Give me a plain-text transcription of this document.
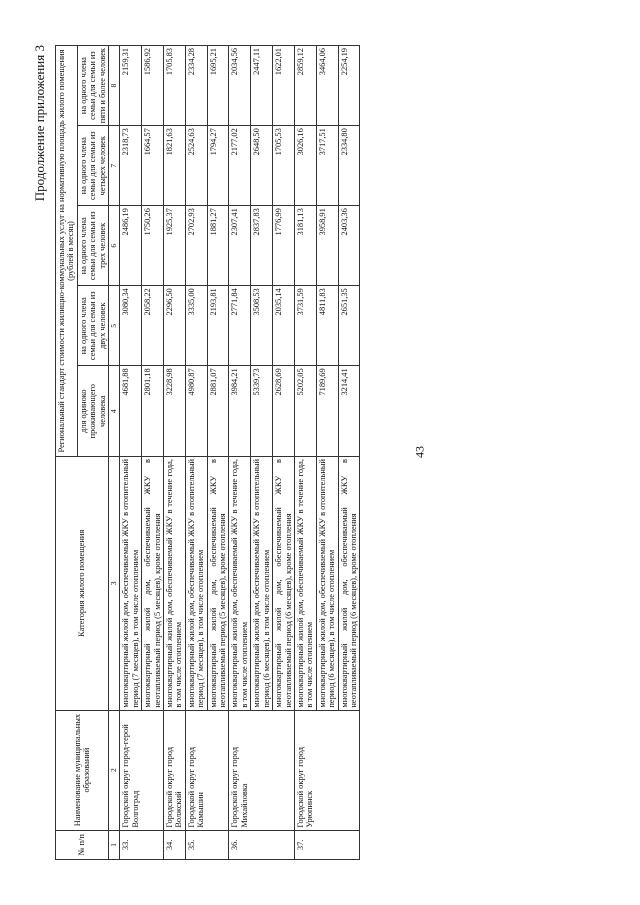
43
Продолжение приложения 3
№ п/п	Наименование муниципальных образований	Категория жилого помещения	Региональный стандарт стоимости жилищно-коммунальных услуг на нормативную площадь жилого помещения (рублей в месяц)				
			для одиноко проживающего человека	на одного члена семьи для семьи из двух человек	на одного члена семьи для семьи из трех человек	на одного члена семьи для семьи из четырех человек	на одного члена семьи для семьи из пяти и более человек
1	2	3	4	5	6	7	8
33.	Городской округ город-герой Волгоград	многоквартирный жилой дом, обеспечиваемый ЖКУ в отопительный период (7 месяцев), в том числе отоплением	4681,88	3080,34	2486,19	2318,73	2159,31
		многоквартирный жилой дом, обеспечиваемый ЖКУ в неотапливаемый период (5 месяцев), кроме отопления	2801,18	2058,22	1750,26	1664,57	1586,92
34.	Городской округ город Волжский	многоквартирный жилой дом, обеспечиваемый ЖКУ в течение года, в том числе отоплением	3228,98	2296,50	1925,37	1821,63	1705,83
35.	Городской округ город Камышин	многоквартирный жилой дом, обеспечиваемый ЖКУ в отопительный период (7 месяцев), в том числе отоплением	4980,87	3335,00	2702,93	2524,63	2334,28
		многоквартирный жилой дом, обеспечиваемый ЖКУ в неотапливаемый период (5 месяцев), кроме отопления	2881,07	2193,81	1881,27	1794,27	1695,21
36.	Городской округ город Михайловка	многоквартирный жилой дом, обеспечиваемый ЖКУ в течение года, в том числе отоплением	3984,21	2771,84	2307,41	2177,02	2034,56
		многоквартирный жилой дом, обеспечиваемый ЖКУ в отопительный период (6 месяцев), в том числе отоплением	5339,73	3508,53	2837,83	2648,50	2447,11
		многоквартирный жилой дом, обеспечиваемый ЖКУ в неотапливаемый период (6 месяцев), кроме отопления	2628,69	2035,14	1776,99	1705,53	1622,01
37.	Городской округ город Урюпинск	многоквартирный жилой дом, обеспечиваемый ЖКУ в течение года, в том числе отоплением	5202,05	3731,59	3181,13	3026,16	2859,12
		многоквартирный жилой дом, обеспечиваемый ЖКУ в отопительный период (6 месяцев), в том числе отоплением	7189,69	4811,83	3958,91	3717,51	3464,06
		многоквартирный жилой дом, обеспечиваемый ЖКУ в неотапливаемый период (6 месяцев), кроме отопления	3214,41	2651,35	2403,36	2334,80	2254,19
